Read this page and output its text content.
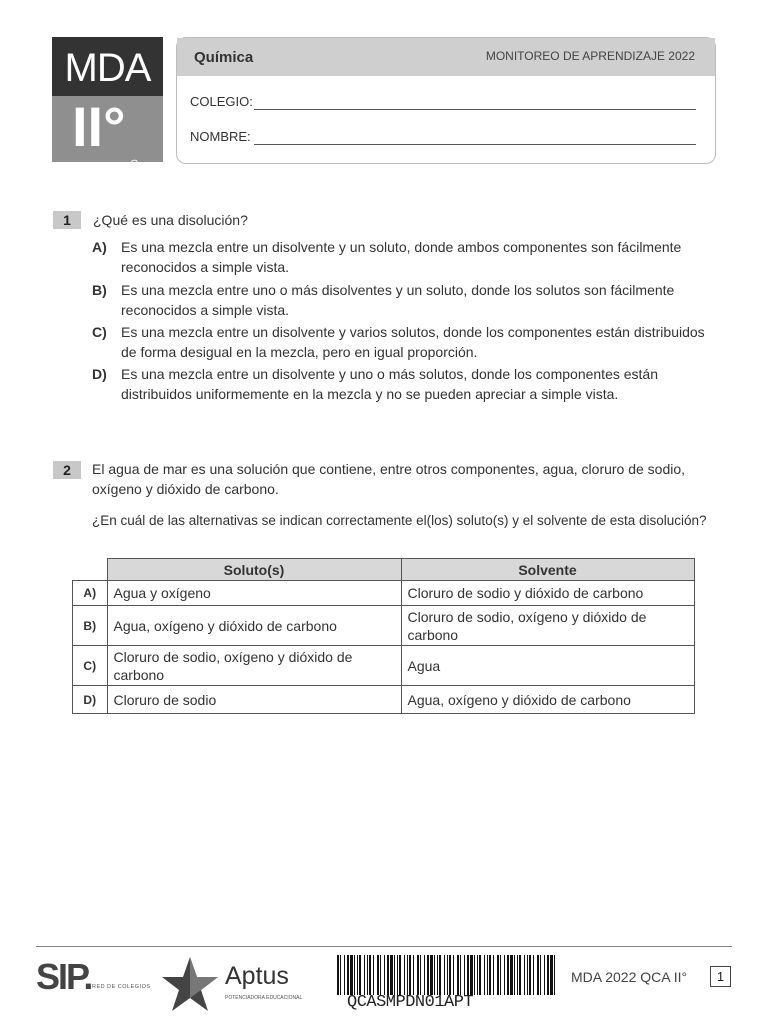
MDA
II°
MEDIO
Química	MONITOREO DE APRENDIZAJE 2022
COLEGIO:
NOMBRE:
1	¿Qué es una disolución?
A) Es una mezcla entre un disolvente y un soluto, donde ambos componentes son fácilmente
reconocidos a simple vista.
B) Es una mezcla entre uno o más disolventes y un soluto, donde los solutos son fácilmente
reconocidos a simple vista.
C) Es una mezcla entre un disolvente y varios solutos, donde los componentes están distribuidos
de forma desigual en la mezcla, pero en igual proporción.
D) Es una mezcla entre un disolvente y uno o más solutos, donde los componentes están
distribuidos uniformemente en la mezcla y no se pueden apreciar a simple vista.
2	El agua de mar es una solución que contiene, entre otros componentes, agua, cloruro de sodio,
oxígeno y dióxido de carbono.
¿En cuál de las alternativas se indican correctamente el(los) soluto(s) y el solvente de esta disolución?
	Soluto(s)	Solvente
A)	Agua y oxígeno	Cloruro de sodio y dióxido de carbono
B)	Agua, oxígeno y dióxido de carbono	Cloruro de sodio, oxígeno y dióxido de carbono
C)	Cloruro de sodio, oxígeno y dióxido de carbono	Agua
D)	Cloruro de sodio	Agua, oxígeno y dióxido de carbono
SIP. RED DE COLEGIOS	Aptus
POTENCIADORA EDUCACIONAL	QCASMPDN01APT
MDA 2022 QCA II°	1
